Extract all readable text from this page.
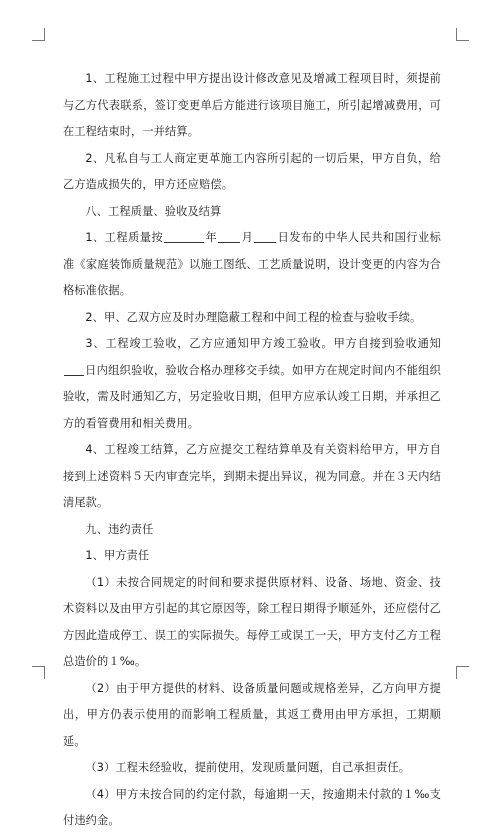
1、工程施工过程中甲方提出设计修改意见及增减工程项目时，须提前与乙方代表联系，签订变更单后方能进行该项目施工，所引起增减费用，可在工程结束时，一并结算。

2、凡私自与工人商定更革施工内容所引起的一切后果，甲方自负，给乙方造成损失的，甲方还应赔偿。

八、工程质量、验收及结算

1、工程质量按	年 月 日发布的中华人民共和国行业标准《家庭装饰质量规范》以施工图纸、工艺质量说明，设计变更的内容为合格标准依据。

2、甲、乙双方应及时办理隐蔽工程和中间工程的检查与验收手续。

3、工程竣工验收，乙方应通知甲方竣工验收。甲方自接到验收通知日内组织验收，验收合格办理移交手续。如甲方在规定时间内不能组织验收，需及时通知乙方，另定验收日期，但甲方应承认竣工日期，并承担乙方的看管费用和相关费用。

4、工程竣工结算，乙方应提交工程结算单及有关资料给甲方，甲方自接到上述资料５天内审查完毕，到期未提出异议，视为同意。并在３天内结清尾款。

九、违约责任

1、甲方责任

（1）未按合同规定的时间和要求提供原材料、设备、场地、资金、技术资料以及由甲方引起的其它原因等，除工程日期得予顺延外，还应偿付乙方因此造成停工、误工的实际损失。每停工或误工一天，甲方支付乙方工程总造价的１‰。

（2）由于甲方提供的材料、设备质量问题或规格差异，乙方向甲方提出，甲方仍表示使用的而影响工程质量，其返工费用由甲方承担，工期顺延。

（3）工程未经验收，提前使用，发现质量问题，自己承担责任。

（4）甲方未按合同的约定付款，每逾期一天，按逾期未付款的１‰支付违约金。
